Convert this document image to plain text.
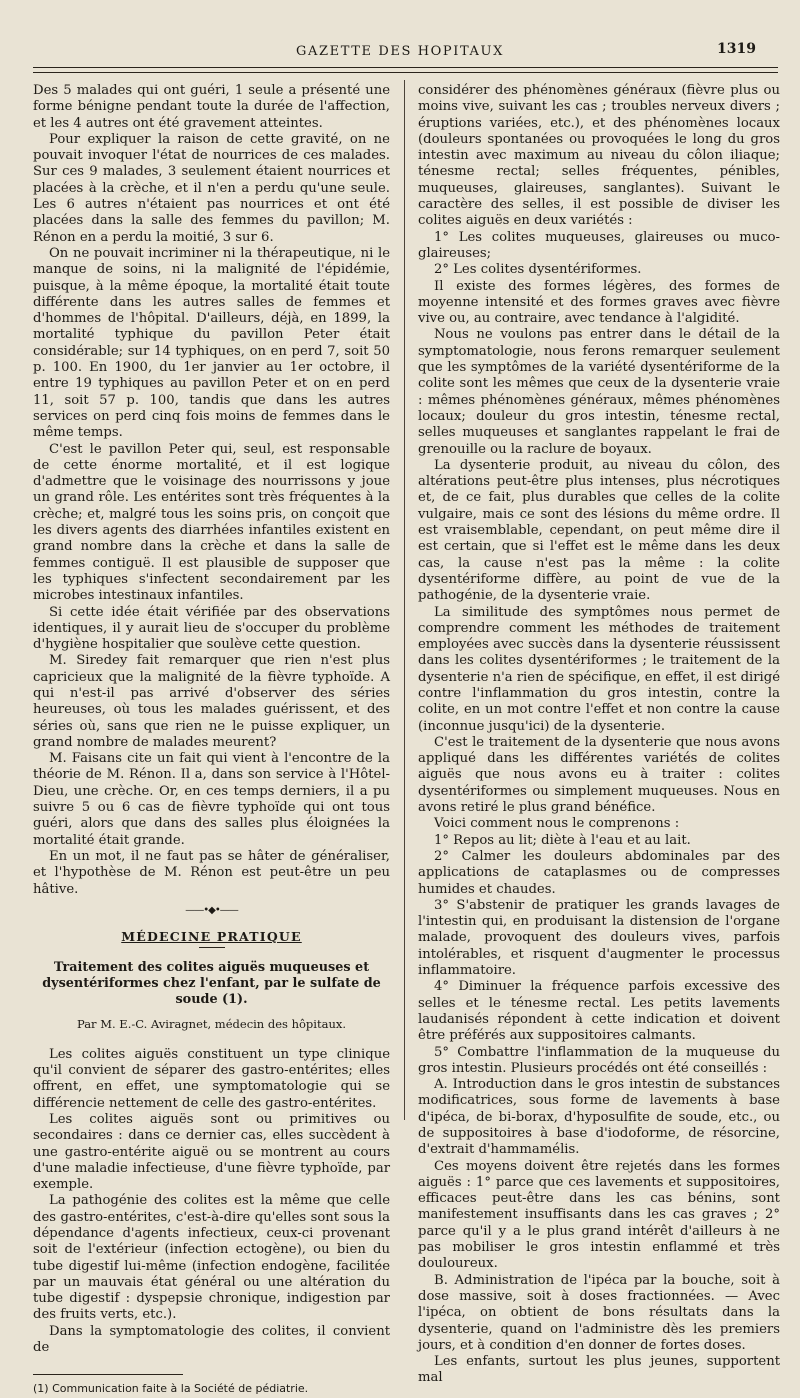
GAZETTE DES HOPITAUX	1319

Des 5 malades qui ont guéri, 1 seule a présenté une forme bénigne pendant toute la durée de l'affection, et les 4 autres ont été gravement atteintes.

Pour expliquer la raison de cette gravité, on ne pouvait invoquer l'état de nourrices de ces malades. Sur ces 9 malades, 3 seulement étaient nourrices et placées à la crèche, et il n'en a perdu qu'une seule. Les 6 autres n'étaient pas nourrices et ont été placées dans la salle des femmes du pavillon; M. Rénon en a perdu la moitié, 3 sur 6.

On ne pouvait incriminer ni la thérapeutique, ni le manque de soins, ni la malignité de l'épidémie, puisque, à la même époque, la mortalité était toute différente dans les autres salles de femmes et d'hommes de l'hôpital. D'ailleurs, déjà, en 1899, la mortalité typhique du pavillon Peter était considérable; sur 14 typhiques, on en perd 7, soit 50 p. 100. En 1900, du 1er janvier au 1er octobre, il entre 19 typhiques au pavillon Peter et on en perd 11, soit 57 p. 100, tandis que dans les autres services on perd cinq fois moins de femmes dans le même temps.

C'est le pavillon Peter qui, seul, est responsable de cette énorme mortalité, et il est logique d'admettre que le voisinage des nourrissons y joue un grand rôle. Les entérites sont très fréquentes à la crèche; et, malgré tous les soins pris, on conçoit que les divers agents des diarrhées infantiles existent en grand nombre dans la crèche et dans la salle de femmes contiguë. Il est plausible de supposer que les typhiques s'infectent secondairement par les microbes intestinaux infantiles.

Si cette idée était vérifiée par des observations identiques, il y aurait lieu de s'occuper du problème d'hygiène hospitalier que soulève cette question.

M. Siredey fait remarquer que rien n'est plus capricieux que la malignité de la fièvre typhoïde. A qui n'est-il pas arrivé d'observer des séries heureuses, où tous les malades guérissent, et des séries où, sans que rien ne le puisse expliquer, un grand nombre de malades meurent?

M. Faisans cite un fait qui vient à l'encontre de la théorie de M. Rénon. Il a, dans son service à l'Hôtel-Dieu, une crèche. Or, en ces temps derniers, il a pu suivre 5 ou 6 cas de fièvre typhoïde qui ont tous guéri, alors que dans des salles plus éloignées la mortalité était grande.

En un mot, il ne faut pas se hâter de généraliser, et l'hypothèse de M. Rénon est peut-être un peu hâtive.

——•◆•——
MÉDECINE PRATIQUE
Traitement des colites aiguës muqueuses et dysentériformes chez l'enfant, par le sulfate de soude (1).
Par M. E.-C. Aviragnet, médecin des hôpitaux.

Les colites aiguës constituent un type clinique qu'il convient de séparer des gastro-entérites; elles offrent, en effet, une symptomatologie qui se différencie nettement de celle des gastro-entérites.

Les colites aiguës sont ou primitives ou secondaires : dans ce dernier cas, elles succèdent à une gastro-entérite aiguë ou se montrent au cours d'une maladie infectieuse, d'une fièvre typhoïde, par exemple.

La pathogénie des colites est la même que celle des gastro-entérites, c'est-à-dire qu'elles sont sous la dépendance d'agents infectieux, ceux-ci provenant soit de l'extérieur (infection ectogène), ou bien du tube digestif lui-même (infection endogène, facilitée par un mauvais état général ou une altération du tube digestif : dyspepsie chronique, indigestion par des fruits verts, etc.).

Dans la symptomatologie des colites, il convient de

(1) Communication faite à la Société de pédiatrie.

considérer des phénomènes généraux (fièvre plus ou moins vive, suivant les cas ; troubles nerveux divers ; éruptions variées, etc.), et des phénomènes locaux (douleurs spontanées ou provoquées le long du gros intestin avec maximum au niveau du côlon iliaque; ténesme rectal; selles fréquentes, pénibles, muqueuses, glaireuses, sanglantes). Suivant le caractère des selles, il est possible de diviser les colites aiguës en deux variétés :

1° Les colites muqueuses, glaireuses ou muco-glaireuses;

2° Les colites dysentériformes.

Il existe des formes légères, des formes de moyenne intensité et des formes graves avec fièvre vive ou, au contraire, avec tendance à l'algidité.

Nous ne voulons pas entrer dans le détail de la symptomatologie, nous ferons remarquer seulement que les symptômes de la variété dysentériforme de la colite sont les mêmes que ceux de la dysenterie vraie : mêmes phénomènes généraux, mêmes phénomènes locaux; douleur du gros intestin, ténesme rectal, selles muqueuses et sanglantes rappelant le frai de grenouille ou la raclure de boyaux.

La dysenterie produit, au niveau du côlon, des altérations peut-être plus intenses, plus nécrotiques et, de ce fait, plus durables que celles de la colite vulgaire, mais ce sont des lésions du même ordre. Il est vraisemblable, cependant, on peut même dire il est certain, que si l'effet est le même dans les deux cas, la cause n'est pas la même : la colite dysentériforme diffère, au point de vue de la pathogénie, de la dysenterie vraie.

La similitude des symptômes nous permet de comprendre comment les méthodes de traitement employées avec succès dans la dysenterie réussissent dans les colites dysentériformes ; le traitement de la dysenterie n'a rien de spécifique, en effet, il est dirigé contre l'inflammation du gros intestin, contre la colite, en un mot contre l'effet et non contre la cause (inconnue jusqu'ici) de la dysenterie.

C'est le traitement de la dysenterie que nous avons appliqué dans les différentes variétés de colites aiguës que nous avons eu à traiter : colites dysentériformes ou simplement muqueuses. Nous en avons retiré le plus grand bénéfice.

Voici comment nous le comprenons :

1° Repos au lit; diète à l'eau et au lait.

2° Calmer les douleurs abdominales par des applications de cataplasmes ou de compresses humides et chaudes.

3° S'abstenir de pratiquer les grands lavages de l'intestin qui, en produisant la distension de l'organe malade, provoquent des douleurs vives, parfois intolérables, et risquent d'augmenter le processus inflammatoire.

4° Diminuer la fréquence parfois excessive des selles et le ténesme rectal. Les petits lavements laudanisés répondent à cette indication et doivent être préférés aux suppositoires calmants.

5° Combattre l'inflammation de la muqueuse du gros intestin. Plusieurs procédés ont été conseillés :

A. Introduction dans le gros intestin de substances modificatrices, sous forme de lavements à base d'ipéca, de bi-borax, d'hyposulfite de soude, etc., ou de suppositoires à base d'iodoforme, de résorcine, d'extrait d'hammamélis.

Ces moyens doivent être rejetés dans les formes aiguës : 1° parce que ces lavements et suppositoires, efficaces peut-être dans les cas bénins, sont manifestement insuffisants dans les cas graves ; 2° parce qu'il y a le plus grand intérêt d'ailleurs à ne pas mobiliser le gros intestin enflammé et très douloureux.

B. Administration de l'ipéca par la bouche, soit à dose massive, soit à doses fractionnées. — Avec l'ipéca, on obtient de bons résultats dans la dysenterie, quand on l'administre dès les premiers jours, et à condition d'en donner de fortes doses.

Les enfants, surtout les plus jeunes, supportent mal
